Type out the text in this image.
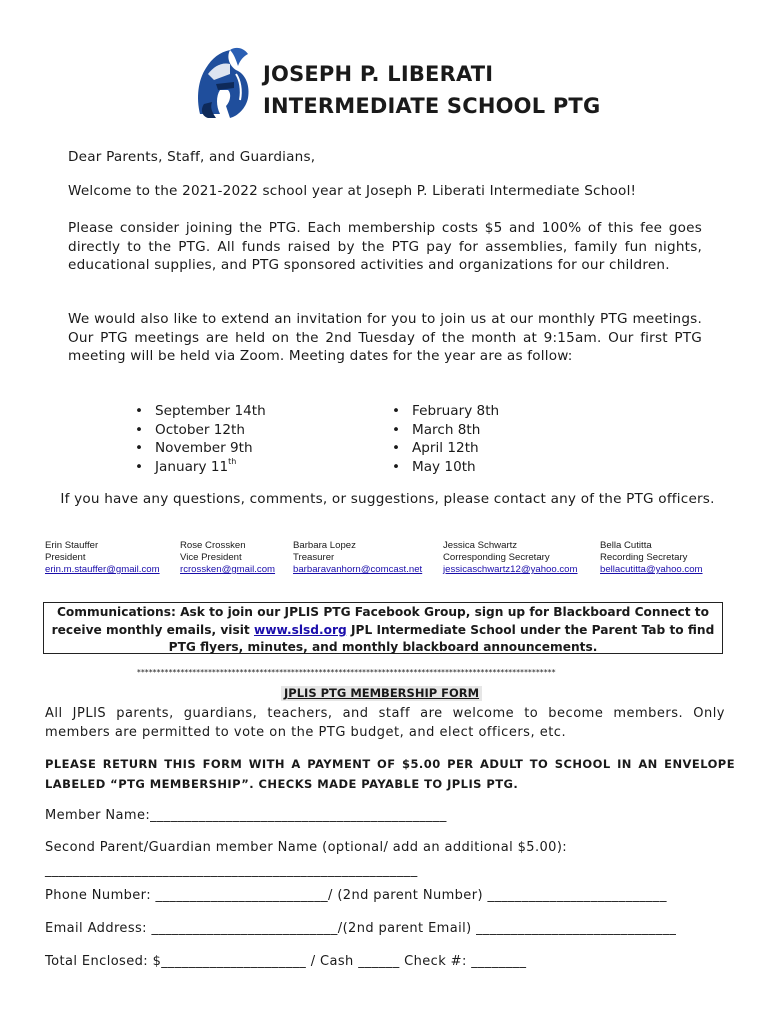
JOSEPH P. LIBERATI
INTERMEDIATE SCHOOL PTG
Dear Parents, Staff, and Guardians,
Welcome to the 2021-2022 school year at Joseph P. Liberati Intermediate School!
Please consider joining the PTG. Each membership costs $5 and 100% of this fee goes directly to the PTG. All funds raised by the PTG pay for assemblies, family fun nights, educational supplies, and PTG sponsored activities and organizations for our children.
We would also like to extend an invitation for you to join us at our monthly PTG meetings. Our PTG meetings are held on the 2nd Tuesday of the month at 9:15am. Our first PTG meeting will be held via Zoom. Meeting dates for the year are as follow:
• September 14th
• October 12th
• November 9th
• January 11th
• February 8th
• March 8th
• April 12th
• May 10th
If you have any questions, comments, or suggestions, please contact any of the PTG officers.
Erin Stauffer
President
erin.m.stauffer@gmail.com
Rose Crossken
Vice President
rcrossken@gmail.com
Barbara Lopez
Treasurer
barbaravanhorn@comcast.net
Jessica Schwartz
Corresponding Secretary
jessicaschwartz12@yahoo.com
Bella Cutitta
Recording Secretary
bellacutitta@yahoo.com
Communications: Ask to join our JPLIS PTG Facebook Group, sign up for Blackboard Connect to receive monthly emails, visit www.slsd.org JPL Intermediate School under the Parent Tab to find PTG flyers, minutes, and monthly blackboard announcements.
**********************************************************************************************************
JPLIS PTG MEMBERSHIP FORM
All JPLIS parents, guardians, teachers, and staff are welcome to become members. Only members are permitted to vote on the PTG budget, and elect officers, etc.
PLEASE RETURN THIS FORM WITH A PAYMENT OF $5.00 PER ADULT TO SCHOOL IN AN ENVELOPE
LABELED “PTG MEMBERSHIP”. CHECKS MADE PAYABLE TO JPLIS PTG.
Member Name:___________________________________________
Second Parent/Guardian member Name (optional/ add an additional $5.00):
______________________________________________________
Phone Number: _________________________/ (2nd parent Number) __________________________
Email Address: ___________________________/(2nd parent Email) _____________________________
Total Enclosed: $_____________________ / Cash ______ Check #: ________
